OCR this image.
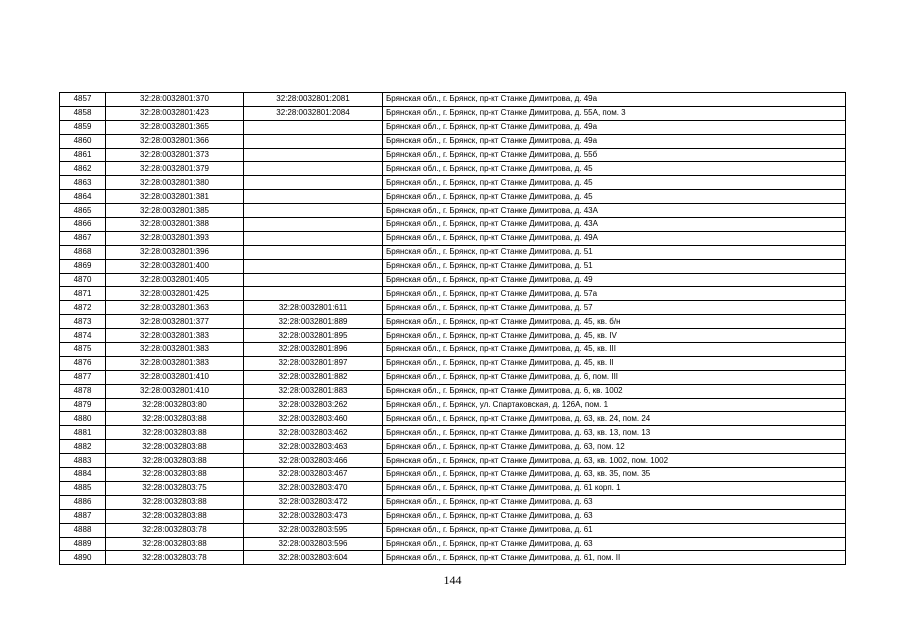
4857	32:28:0032801:370	32:28:0032801:2081	Брянская обл., г. Брянск, пр-кт Станке Димитрова, д. 49а
4858	32:28:0032801:423	32:28:0032801:2084	Брянская обл., г. Брянск, пр-кт Станке Димитрова, д. 55А, пом. 3
4859	32:28:0032801:365		Брянская обл., г. Брянск, пр-кт Станке Димитрова, д. 49а
4860	32:28:0032801:366		Брянская обл., г. Брянск, пр-кт Станке Димитрова, д. 49а
4861	32:28:0032801:373		Брянская обл., г. Брянск, пр-кт Станке Димитрова, д. 55б
4862	32:28:0032801:379		Брянская обл., г. Брянск, пр-кт Станке Димитрова, д. 45
4863	32:28:0032801:380		Брянская обл., г. Брянск, пр-кт Станке Димитрова, д. 45
4864	32:28:0032801:381		Брянская обл., г. Брянск, пр-кт Станке Димитрова, д. 45
4865	32:28:0032801:385		Брянская обл., г. Брянск, пр-кт Станке Димитрова, д. 43А
4866	32:28:0032801:388		Брянская обл., г. Брянск, пр-кт Станке Димитрова, д. 43А
4867	32:28:0032801:393		Брянская обл., г. Брянск, пр-кт Станке Димитрова, д. 49А
4868	32:28:0032801:396		Брянская обл., г. Брянск, пр-кт Станке Димитрова, д. 51
4869	32:28:0032801:400		Брянская обл., г. Брянск, пр-кт Станке Димитрова, д. 51
4870	32:28:0032801:405		Брянская обл., г. Брянск, пр-кт Станке Димитрова, д. 49
4871	32:28:0032801:425		Брянская обл., г. Брянск, пр-кт Станке Димитрова, д. 57а
4872	32:28:0032801:363	32:28:0032801:611	Брянская обл., г. Брянск, пр-кт Станке Димитрова, д. 57
4873	32:28:0032801:377	32:28:0032801:889	Брянская обл., г. Брянск, пр-кт Станке Димитрова, д. 45, кв. б/н
4874	32:28:0032801:383	32:28:0032801:895	Брянская обл., г. Брянск, пр-кт Станке Димитрова, д. 45, кв. IV
4875	32:28:0032801:383	32:28:0032801:896	Брянская обл., г. Брянск, пр-кт Станке Димитрова, д. 45, кв. III
4876	32:28:0032801:383	32:28:0032801:897	Брянская обл., г. Брянск, пр-кт Станке Димитрова, д. 45, кв. II
4877	32:28:0032801:410	32:28:0032801:882	Брянская обл., г. Брянск, пр-кт Станке Димитрова, д. 6, пом. III
4878	32:28:0032801:410	32:28:0032801:883	Брянская обл., г. Брянск, пр-кт Станке Димитрова, д. 6, кв. 1002
4879	32:28:0032803:80	32:28:0032803:262	Брянская обл., г. Брянск, ул. Спартаковская, д. 126А, пом. 1
4880	32:28:0032803:88	32:28:0032803:460	Брянская обл., г. Брянск, пр-кт Станке Димитрова, д. 63, кв. 24, пом. 24
4881	32:28:0032803:88	32:28:0032803:462	Брянская обл., г. Брянск, пр-кт Станке Димитрова, д. 63, кв. 13, пом. 13
4882	32:28:0032803:88	32:28:0032803:463	Брянская обл., г. Брянск, пр-кт Станке Димитрова, д. 63, пом. 12
4883	32:28:0032803:88	32:28:0032803:466	Брянская обл., г. Брянск, пр-кт Станке Димитрова, д. 63, кв. 1002, пом. 1002
4884	32:28:0032803:88	32:28:0032803:467	Брянская обл., г. Брянск, пр-кт Станке Димитрова, д. 63, кв. 35, пом. 35
4885	32:28:0032803:75	32:28:0032803:470	Брянская обл., г. Брянск, пр-кт Станке Димитрова, д. 61 корп. 1
4886	32:28:0032803:88	32:28:0032803:472	Брянская обл., г. Брянск, пр-кт Станке Димитрова, д. 63
4887	32:28:0032803:88	32:28:0032803:473	Брянская обл., г. Брянск, пр-кт Станке Димитрова, д. 63
4888	32:28:0032803:78	32:28:0032803:595	Брянская обл., г. Брянск, пр-кт Станке Димитрова, д. 61
4889	32:28:0032803:88	32:28:0032803:596	Брянская обл., г. Брянск, пр-кт Станке Димитрова, д. 63
4890	32:28:0032803:78	32:28:0032803:604	Брянская обл., г. Брянск, пр-кт Станке Димитрова, д. 61, пом. II
144
